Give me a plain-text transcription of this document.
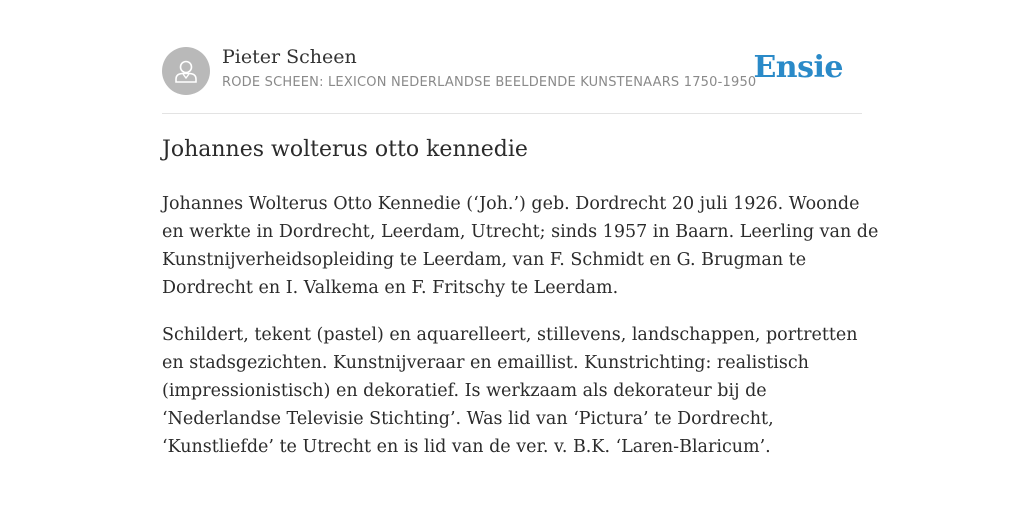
Pieter Scheen
RODE SCHEEN: LEXICON NEDERLANDSE BEELDENDE KUNSTENAARS 1750-1950
Ensie
Johannes wolterus otto kennedie

Johannes Wolterus Otto Kennedie (‘Joh.’) geb. Dordrecht 20 juli 1926. Woonde en werkte in Dordrecht, Leerdam, Utrecht; sinds 1957 in Baarn. Leerling van de Kunstnijverheidsopleiding te Leerdam, van F. Schmidt en G. Brugman te Dordrecht en I. Valkema en F. Fritschy te Leerdam.

Schildert, tekent (pastel) en aquarelleert, stillevens, landschappen, portretten en stadsgezichten. Kunstnijveraar en emaillist. Kunstrichting: realistisch (impressionistisch) en dekoratief. Is werkzaam als dekorateur bij de ‘Nederlandse Televisie Stichting’. Was lid van ‘Pictura’ te Dordrecht, ‘Kunstliefde’ te Utrecht en is lid van de ver. v. B.K. ‘Laren-Blaricum’.
